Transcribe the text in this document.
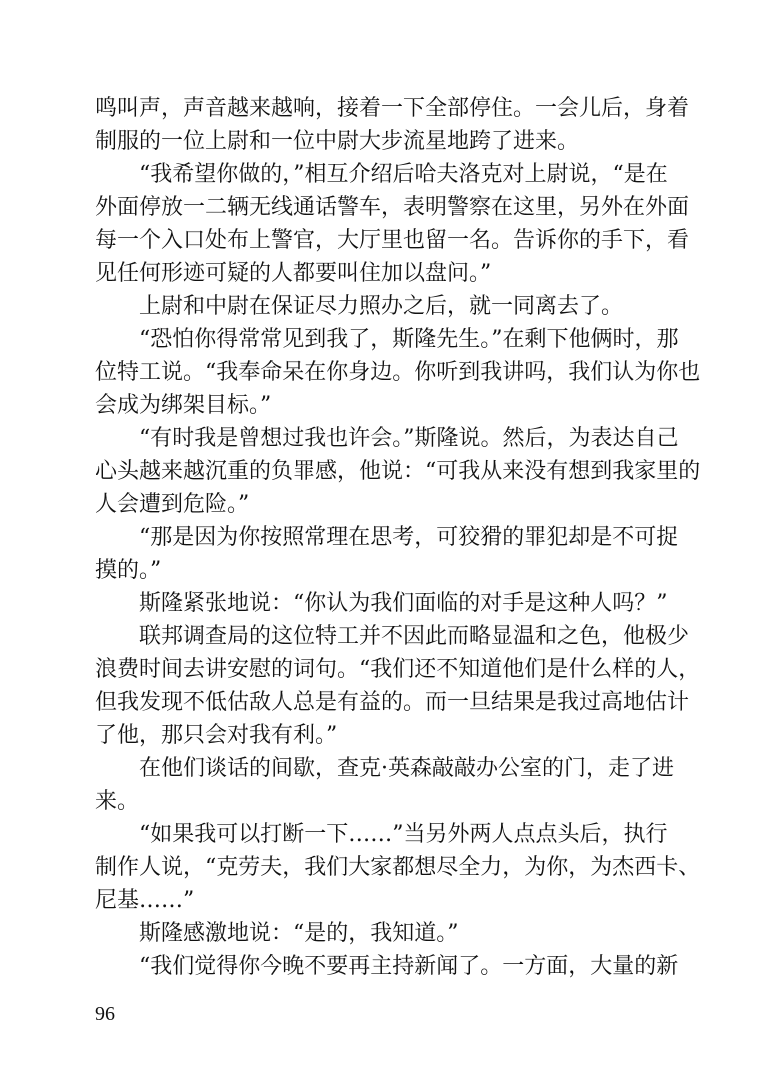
鸣叫声，声音越来越响，接着一下全部停住。一会儿后，身着
制服的一位上尉和一位中尉大步流星地跨了进来。
“我希望你做的，”相互介绍后哈夫洛克对上尉说，“是在
外面停放一二辆无线通话警车，表明警察在这里，另外在外面
每一个入口处布上警官，大厅里也留一名。告诉你的手下，看
见任何形迹可疑的人都要叫住加以盘问。”
上尉和中尉在保证尽力照办之后，就一同离去了。
“恐怕你得常常见到我了，斯隆先生。”在剩下他俩时，那
位特工说。“我奉命呆在你身边。你听到我讲吗，我们认为你也
会成为绑架目标。”
“有时我是曾想过我也许会。”斯隆说。然后，为表达自己
心头越来越沉重的负罪感，他说：“可我从来没有想到我家里的
人会遭到危险。”
“那是因为你按照常理在思考，可狡猾的罪犯却是不可捉
摸的。”
斯隆紧张地说：“你认为我们面临的对手是这种人吗？”
联邦调查局的这位特工并不因此而略显温和之色，他极少
浪费时间去讲安慰的词句。“我们还不知道他们是什么样的人，
但我发现不低估敌人总是有益的。而一旦结果是我过高地估计
了他，那只会对我有利。”
在他们谈话的间歇，查克·英森敲敲办公室的门，走了进
来。
“如果我可以打断一下……”当另外两人点点头后，执行
制作人说，“克劳夫，我们大家都想尽全力，为你，为杰西卡、
尼基……”
斯隆感激地说：“是的，我知道。”
“我们觉得你今晚不要再主持新闻了。一方面，大量的新
96
